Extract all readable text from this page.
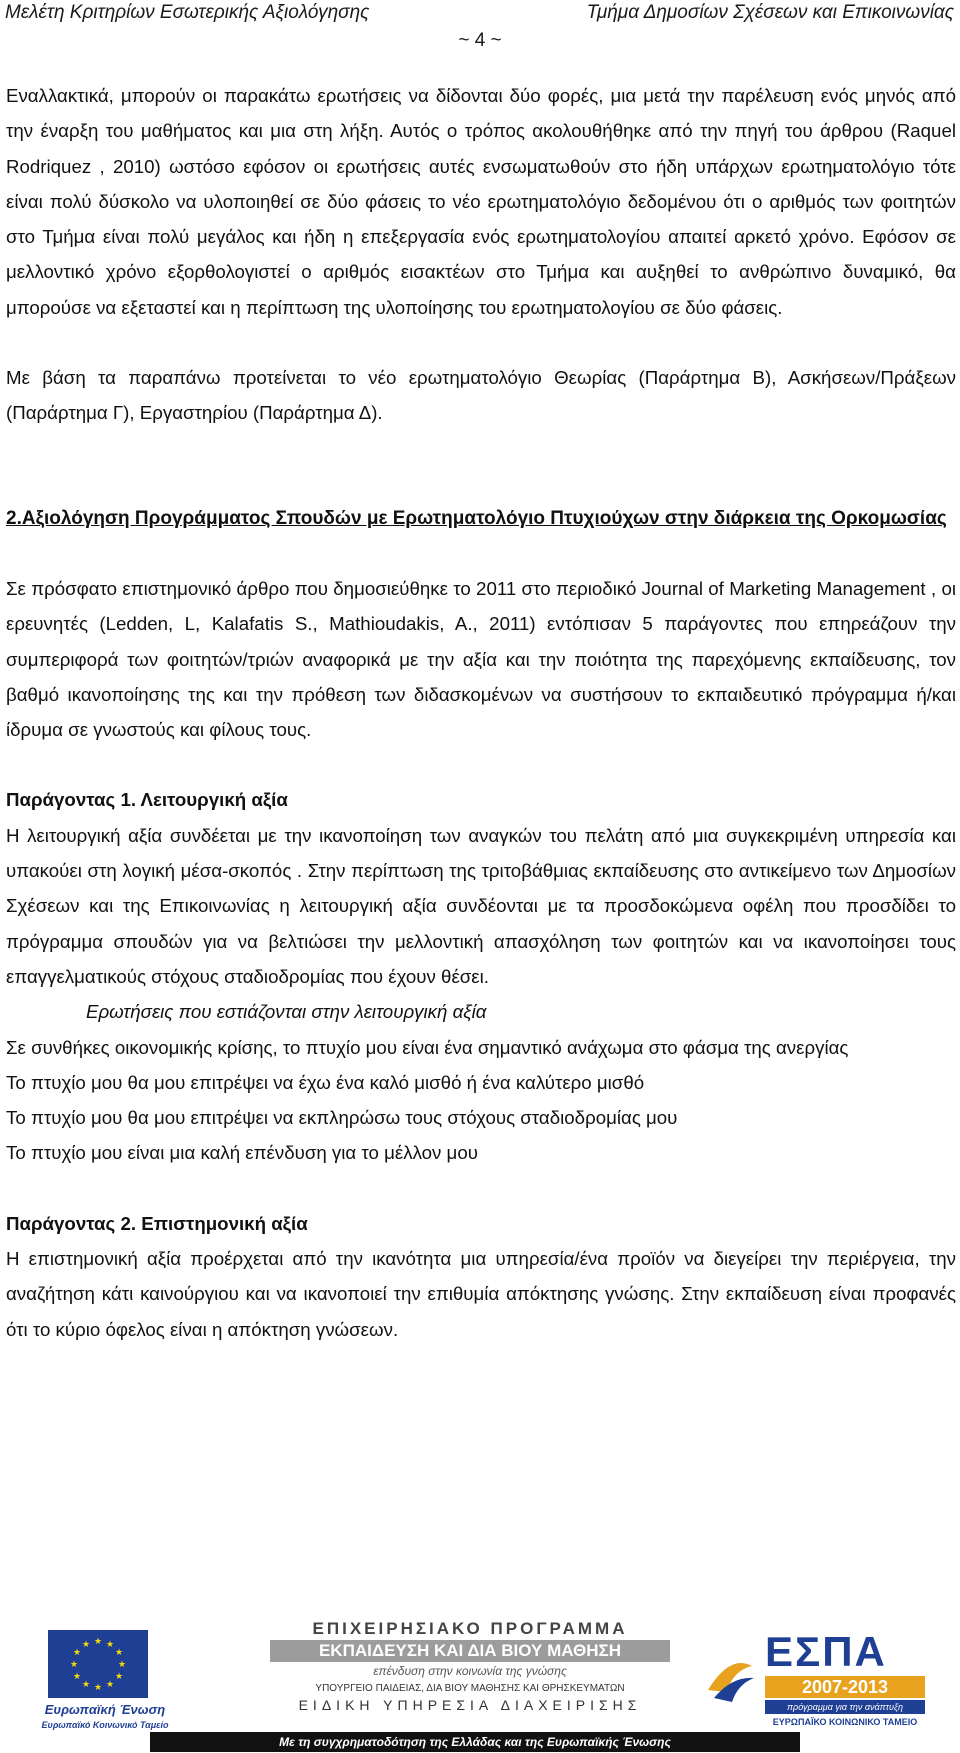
Μελέτη Κριτηρίων Εσωτερικής Αξιολόγησης	Τμήμα Δημοσίων Σχέσεων και Επικοινωνίας
~ 4 ~

Εναλλακτικά, μπορούν οι παρακάτω ερωτήσεις να δίδονται δύο φορές, μια μετά την παρέλευση ενός μηνός από την έναρξη του μαθήματος και μια στη λήξη. Αυτός ο τρόπος ακολουθήθηκε από την πηγή του άρθρου (Raquel Rodriquez , 2010) ωστόσο εφόσον οι ερωτήσεις αυτές ενσωματωθούν στο ήδη υπάρχων ερωτηματολόγιο τότε είναι πολύ δύσκολο να υλοποιηθεί σε δύο φάσεις το νέο ερωτηματολόγιο δεδομένου ότι ο αριθμός των φοιτητών στο Τμήμα είναι πολύ μεγάλος και ήδη η επεξεργασία ενός ερωτηματολογίου απαιτεί αρκετό χρόνο. Εφόσον σε μελλοντικό χρόνο εξορθολογιστεί ο αριθμός εισακτέων στο Τμήμα και αυξηθεί το ανθρώπινο δυναμικό, θα μπορούσε να εξεταστεί και η περίπτωση της υλοποίησης του ερωτηματολογίου σε δύο φάσεις.

Με βάση τα παραπάνω προτείνεται το νέο ερωτηματολόγιο Θεωρίας (Παράρτημα Β), Ασκήσεων/Πράξεων (Παράρτημα Γ), Εργαστηρίου (Παράρτημα Δ).

2.Αξιολόγηση Προγράμματος Σπουδών με Ερωτηματολόγιο Πτυχιούχων στην διάρκεια της Ορκομωσίας

Σε πρόσφατο επιστημονικό άρθρο που δημοσιεύθηκε το 2011 στο περιοδικό Journal of Marketing Management , οι ερευνητές (Ledden, L, Kalafatis S., Mathioudakis, A., 2011) εντόπισαν 5 παράγοντες που επηρεάζουν την συμπεριφορά των φοιτητών/τριών αναφορικά με την αξία και την ποιότητα της παρεχόμενης εκπαίδευσης, τον βαθμό ικανοποίησης της και την πρόθεση των διδασκομένων να συστήσουν το εκπαιδευτικό πρόγραμμα ή/και ίδρυμα σε γνωστούς και φίλους τους.

Παράγοντας 1. Λειτουργική αξία

Η λειτουργική αξία συνδέεται με την ικανοποίηση των αναγκών του πελάτη από μια συγκεκριμένη υπηρεσία και υπακούει στη λογική μέσα-σκοπός . Στην περίπτωση της τριτοβάθμιας εκπαίδευσης στο αντικείμενο των Δημοσίων Σχέσεων και της Επικοινωνίας η λειτουργική αξία συνδέονται με τα προσδοκώμενα οφέλη που προσδίδει το πρόγραμμα σπουδών για να βελτιώσει την μελλοντική απασχόληση των φοιτητών και να ικανοποίησει τους επαγγελματικούς στόχους σταδιοδρομίας που έχουν θέσει.

Ερωτήσεις που εστιάζονται στην λειτουργική αξία

Σε συνθήκες οικονομικής κρίσης, το πτυχίο μου είναι ένα σημαντικό ανάχωμα στο φάσμα της ανεργίας

Το πτυχίο μου θα μου επιτρέψει να έχω ένα καλό μισθό ή ένα καλύτερο μισθό

Το πτυχίο μου θα μου επιτρέψει να εκπληρώσω τους στόχους σταδιοδρομίας μου

Το πτυχίο μου είναι μια καλή επένδυση για το μέλλον μου

Παράγοντας 2. Επιστημονική αξία

Η επιστημονική αξία προέρχεται από την ικανότητα μια υπηρεσία/ένα προϊόν να διεγείρει την περιέργεια, την αναζήτηση κάτι καινούργιου και να ικανοποιεί την επιθυμία απόκτησης γνώσης. Στην εκπαίδευση είναι προφανές ότι το κύριο όφελος είναι η απόκτηση γνώσεων.

★ ★
★
★
★
★
★
★
★
★
★
★
Ευρωπαϊκή Ένωση
Ευρωπαϊκό Κοινωνικό Ταμείο
ΕΠΙΧΕΙΡΗΣΙΑΚΟ ΠΡΟΓΡΑΜΜΑ
ΕΚΠΑΙΔΕΥΣΗ ΚΑΙ ΔΙΑ ΒΙΟΥ ΜΑΘΗΣΗ
επένδυση στην κοινωνία της γνώσης
ΥΠΟΥΡΓΕΙΟ ΠΑΙΔΕΙΑΣ, ΔΙΑ ΒΙΟΥ ΜΑΘΗΣΗΣ ΚΑΙ ΘΡΗΣΚΕΥΜΑΤΩΝ
ΕΙΔΙΚΗ ΥΠΗΡΕΣΙΑ ΔΙΑΧΕΙΡΙΣΗΣ
ΕΣΠΑ
2007-2013
πρόγραμμα για την ανάπτυξη
ΕΥΡΩΠΑΪΚΟ ΚΟΙΝΩΝΙΚΟ ΤΑΜΕΙΟ
Με τη συγχρηματοδότηση της Ελλάδας και της Ευρωπαϊκής Ένωσης
